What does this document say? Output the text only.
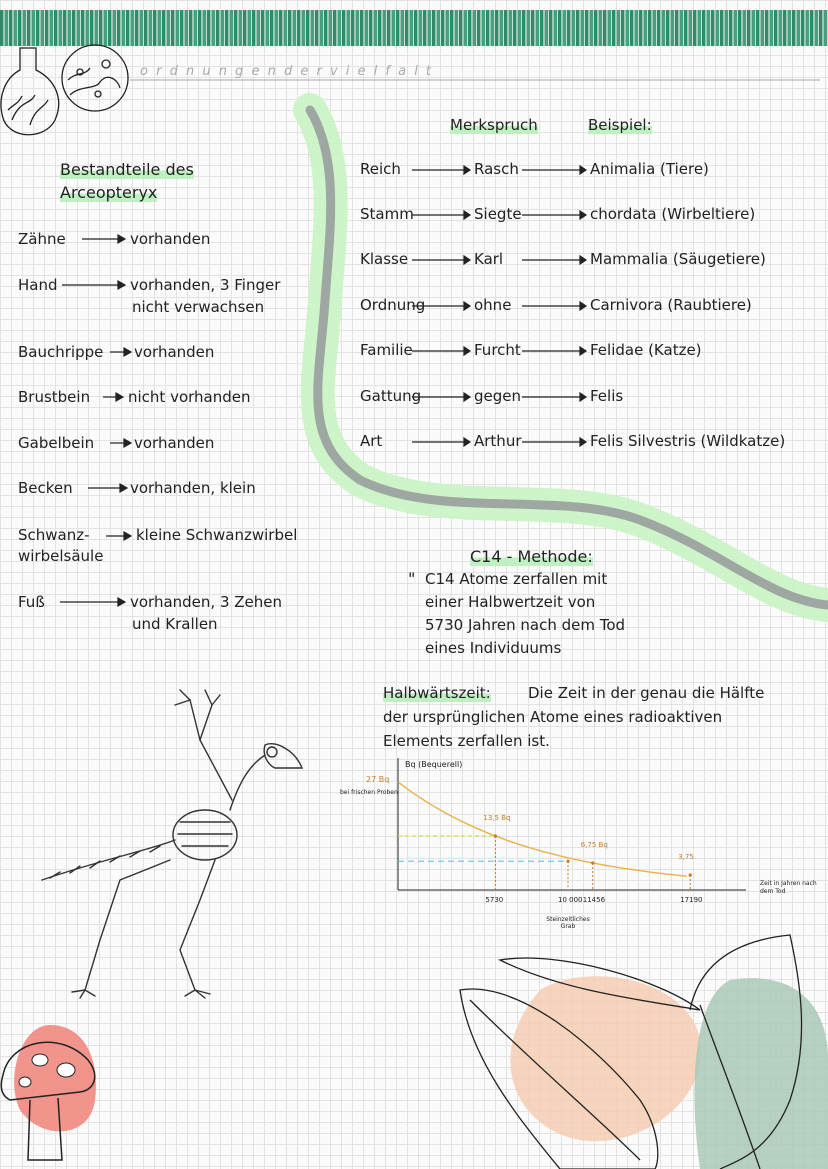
o r d n u n g e n d e r v i e l f a l t
Bestandteile des
Arceopteryx
Zähne	vorhanden
Hand	vorhanden, 3 Finger
nicht verwachsen
Bauchrippe vorhanden
Brustbein	nicht vorhanden
Gabelbein	vorhanden
Becken	vorhanden, klein
Schwanz-
wirbelsäule
kleine Schwanzwirbel
Fuß	vorhanden, 3 Zehen
und Krallen
Merkspruch	Beispiel:
Reich	Rasch	Animalia (Tiere)
Stamm	Siegte	chordata (Wirbeltiere)
Klasse	Karl	Mammalia (Säugetiere)
Ordnung	ohne	Carnivora (Raubtiere)
Familie	Furcht	Felidae (Katze)
Gattung	gegen	Felis
Art	Arthur	Felis Silvestris (Wildkatze)
C14 - Methode:
" C14 Atome zerfallen mit
einer Halbwertzeit von
5730 Jahren nach dem Tod
eines Individuums
Halbwärtszeit: Die Zeit in der genau die Hälfte
der ursprünglichen Atome eines radioaktiven
Elements zerfallen ist.
Bq (Bequerell)
27 Bq
bei frischen Proben
Zeit in Jahren nach dem Tod
5730	10 000 11456	17190
Steinzeitliches Grab
13,5 Bq
6,75 Bq
3,75
